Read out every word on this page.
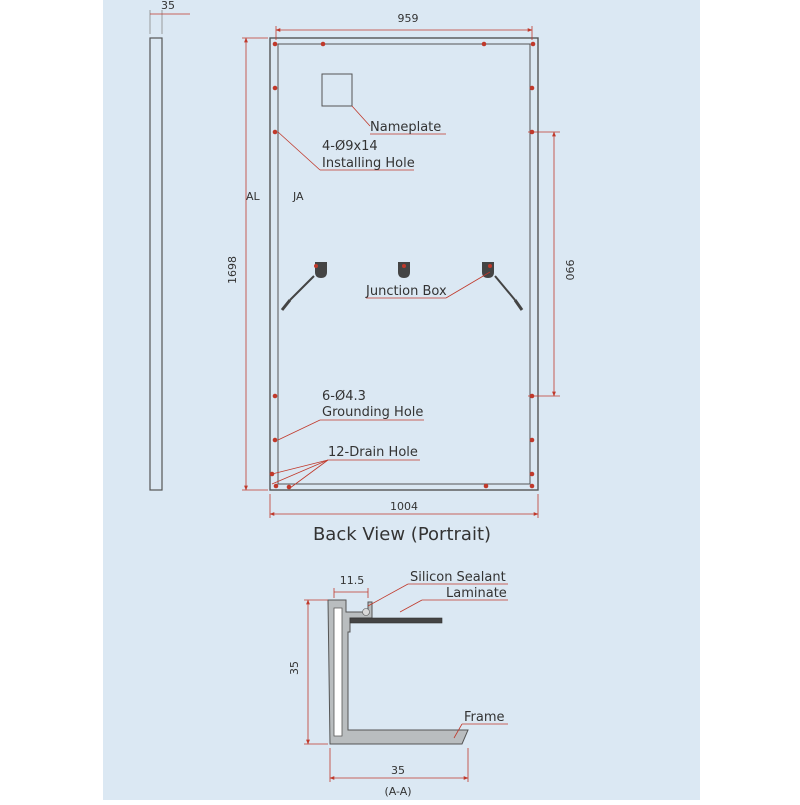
35
959
1004
1698	990
AL	JA
Nameplate
4-Ø9x14
Installing Hole
Junction Box
6-Ø4.3
Grounding Hole
12-Drain Hole
Back View (Portrait)
11.5	Silicon Sealant
Laminate
Frame
35
35
(A-A)
